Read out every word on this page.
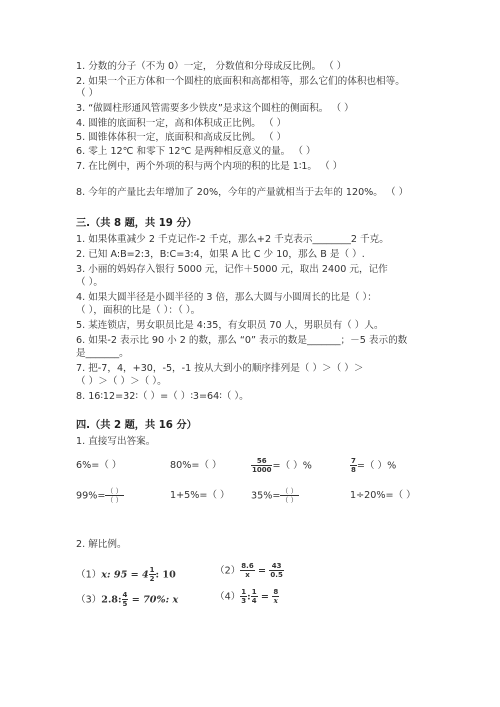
1. 分数的分子（不为 0）一定， 分数值和分母成反比例。 （ ）
2. 如果一个正方体和一个圆柱的底面积和高都相等，那么它们的体积也相等。
（ ）
3. “做圆柱形通风管需要多少铁皮”是求这个圆柱的侧面积。 （ ）
4. 圆锥的底面积一定，高和体积成正比例。 （ ）
5. 圆锥体体积一定，底面积和高成反比例。 （ ）
6. 零上 12℃ 和零下 12℃ 是两种相反意义的量。 （ ）
7. 在比例中，两个外项的积与两个内项的积的比是 1∶1。 （ ）
8. 今年的产量比去年增加了 20%，今年的产量就相当于去年的 120%。 （ ）
三.（共 8 题，共 19 分）
1. 如果体重减少 2 千克记作-2 千克，那么+2 千克表示________2 千克。
2. 已知 A:B=2:3，B:C=3:4，如果 A 比 C 少 10，那么 B 是（ ）.
3. 小丽的妈妈存入银行 5000 元，记作＋5000 元，取出 2400 元，记作
（ ）。
4. 如果大圆半径是小圆半径的 3 倍，那么大圆与小圆周长的比是（ ）：
（ ），面积的比是（ ）：（ ）。
5. 某连锁店，男女职员比是 4:35，有女职员 70 人，男职员有（ ）人。
6. 如果-2 表示比 90 小 2 的数，那么 “0” 表示的数是_______；－5 表示的数
是_______。
7. 把-7，4，+30，-5，-1 按从大到小的顺序排列是（ ）＞（ ）＞
（ ）＞（ ）＞（ ）。
8. 16∶12=32∶（ ）=（ ）∶3=64∶（ ）。
四.（共 2 题，共 16 分）
1. 直接写出答案。
6%=（ ）	80%=（ ）	$\frac{56}{1000}$ =（ ）%	$\frac{7}{8}$ =（ ）%
$99\%= \frac{( )}{( )}$	1+5%=（ ） $35\%= \frac{( )}{( )}$	1÷20%=（ ）
2. 解比例。
（1）x: $95 = 4 \frac{1}{2}$ : 10	$(2) \frac{8.6}{x} = \frac{43}{0.5}$
（3）2.8: $\frac{4}{5} = 70\%$: x	$(4) \frac{1}{3}$ : $\frac{1}{4} = \frac{8}{x}$
